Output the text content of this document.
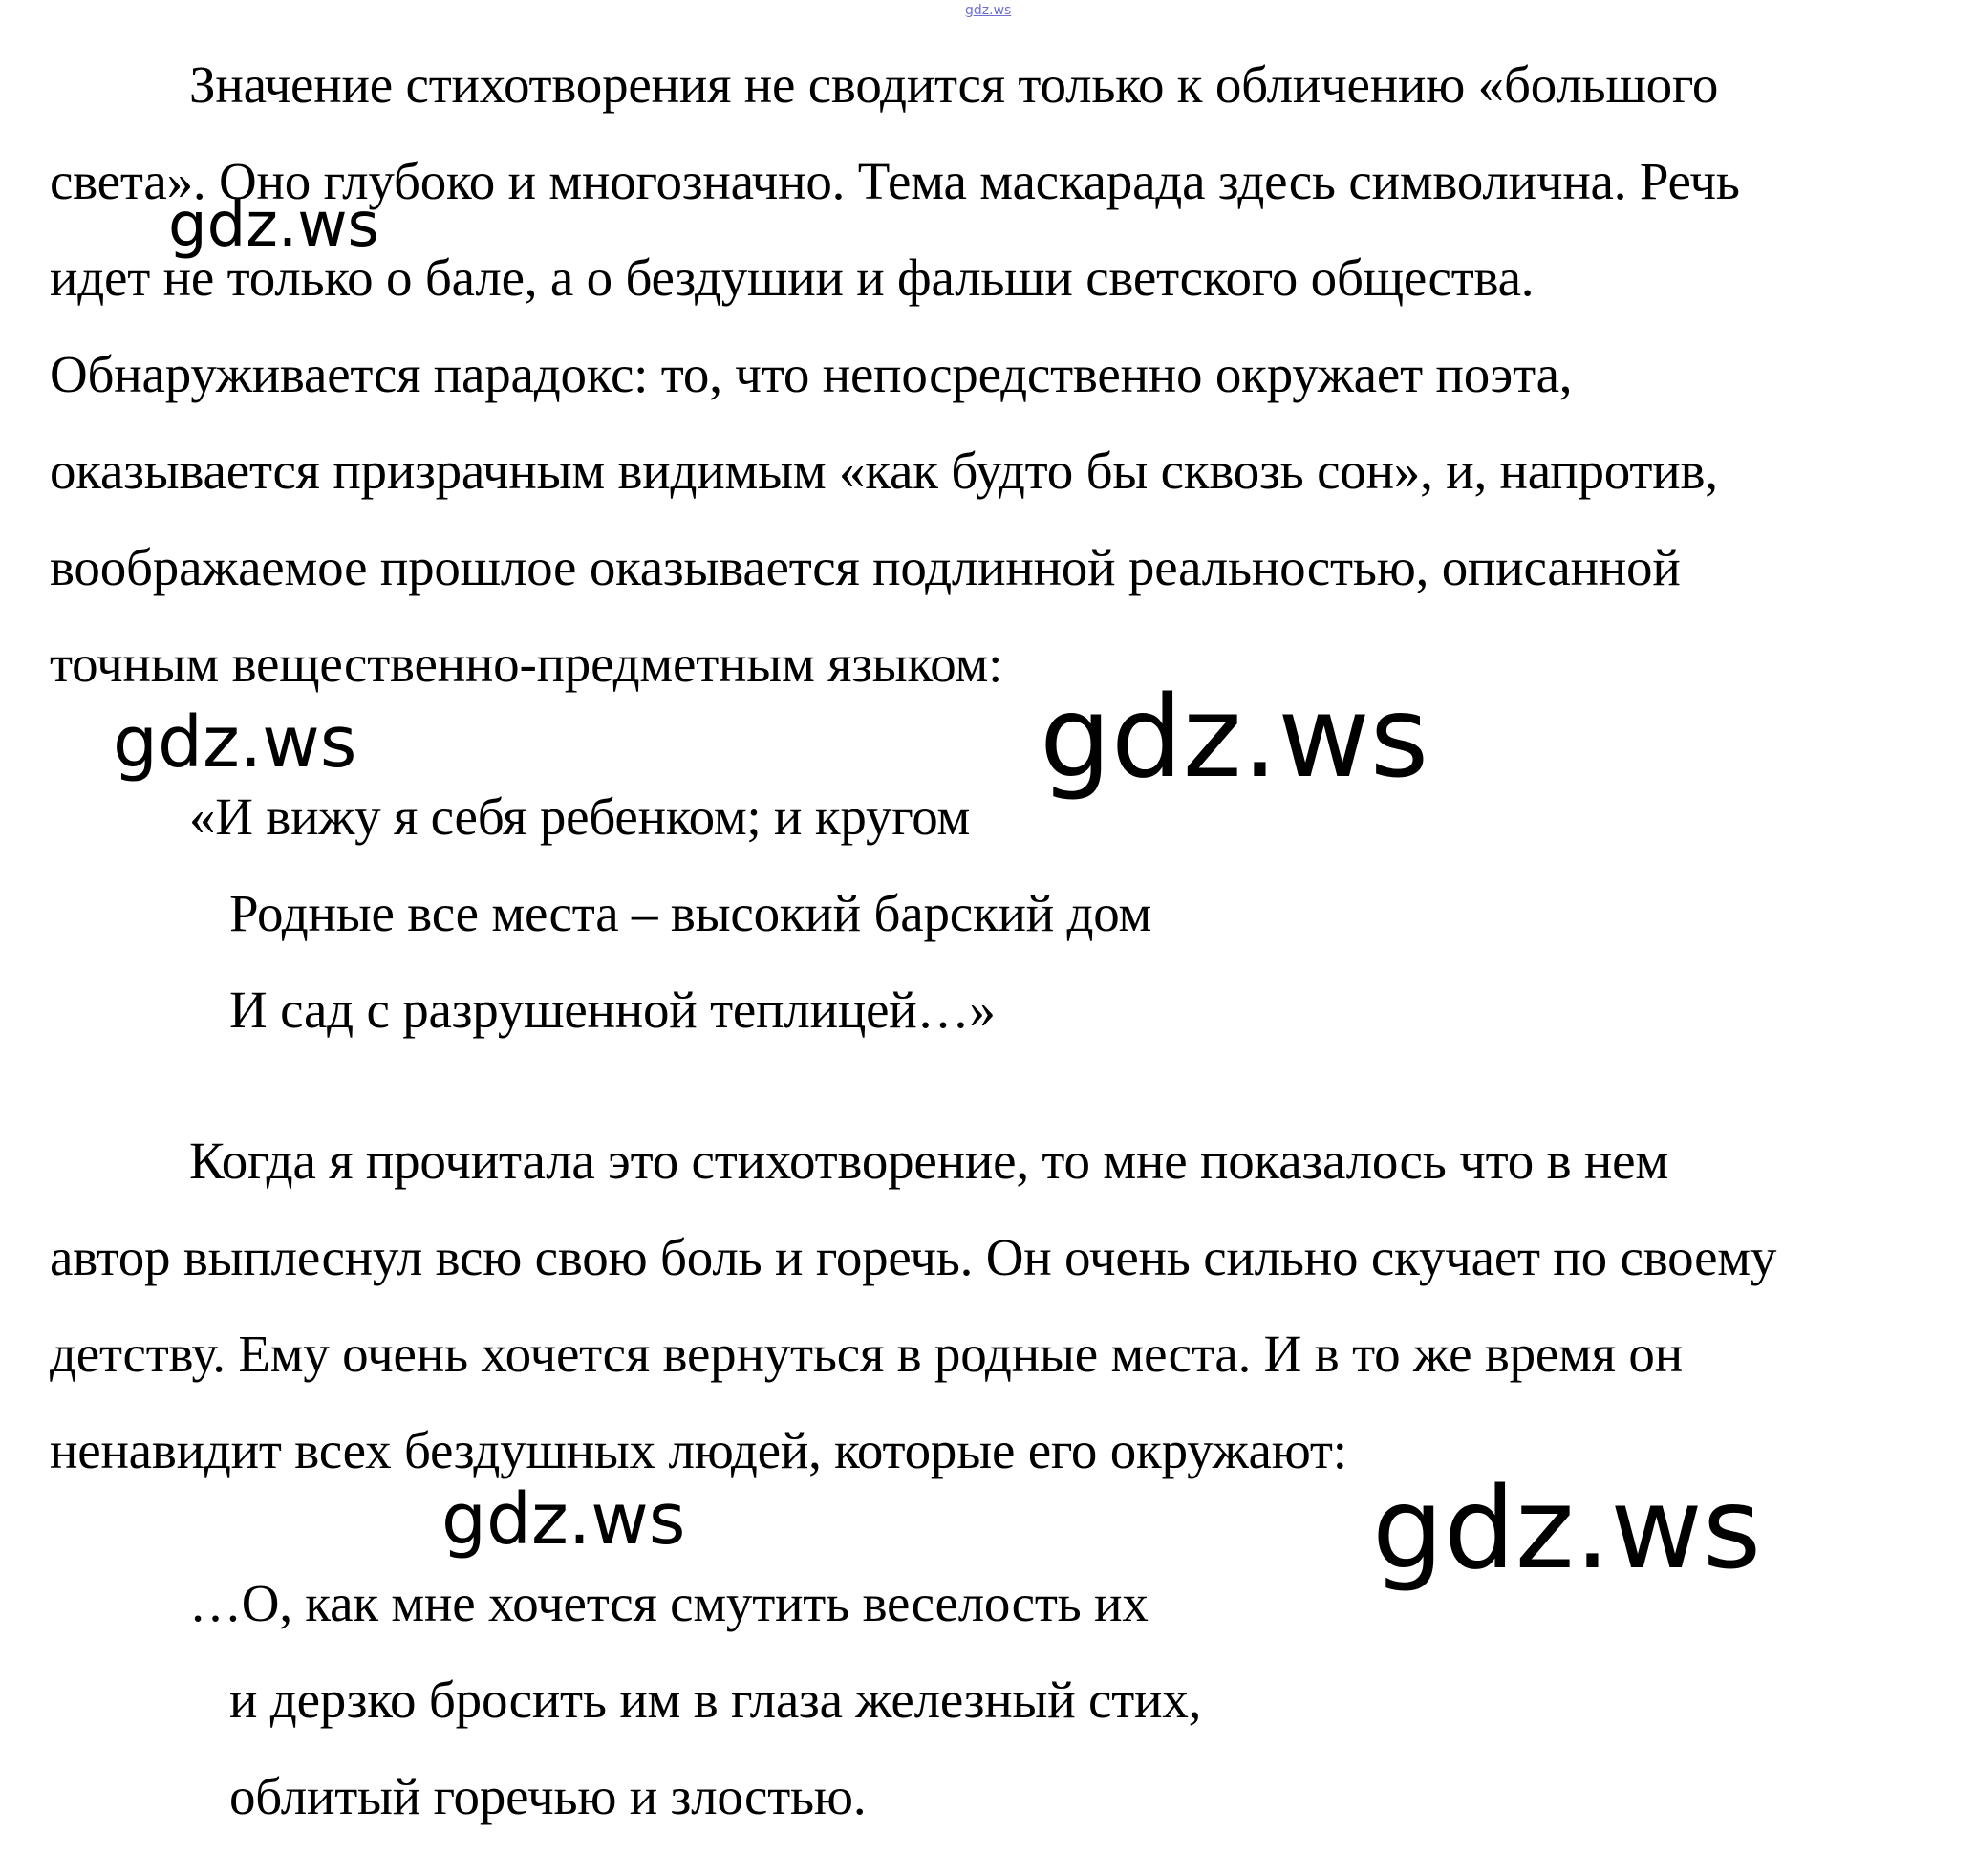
gdz.ws
Значение стихотворения не сводится только к обличению «большого
света». Оно глубоко и многозначно. Тема маскарада здесь символична. Речь
идет не только о бале, а о бездушии и фальши светского общества.
Обнаруживается парадокс: то, что непосредственно окружает поэта,
оказывается призрачным видимым «как будто бы сквозь сон», и, напротив,
воображаемое прошлое оказывается подлинной реальностью, описанной
точным вещественно-предметным языком:
«И вижу я себя ребенком; и кругом
Родные все места – высокий барский дом
И сад с разрушенной теплицей…»
Когда я прочитала это стихотворение, то мне показалось что в нем
автор выплеснул всю свою боль и горечь. Он очень сильно скучает по своему
детству. Ему очень хочется вернуться в родные места. И в то же время он
ненавидит всех бездушных людей, которые его окружают:
…О, как мне хочется смутить веселость их
и дерзко бросить им в глаза железный стих,
облитый горечью и злостью.
gdz.ws
gdz.ws	gdz.ws
gdz.ws	gdz.ws
